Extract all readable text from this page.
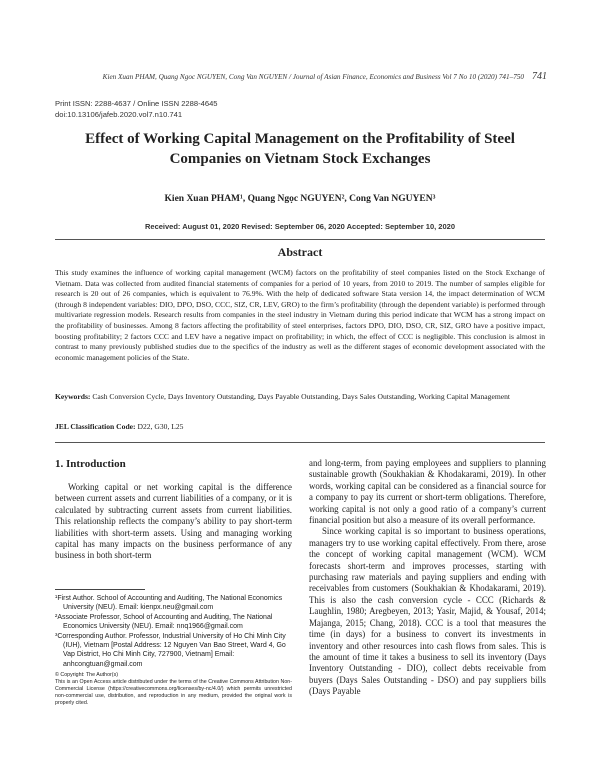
Kien Xuan PHAM, Quang Ngoc NGUYEN, Cong Van NGUYEN / Journal of Asian Finance, Economics and Business Vol 7 No 10 (2020) 741–750 741
Print ISSN: 2288-4637 / Online ISSN 2288-4645
doi:10.13106/jafeb.2020.vol7.n10.741
Effect of Working Capital Management on the Profitability of Steel
Companies on Vietnam Stock Exchanges
Kien Xuan PHAM¹, Quang Ngọc NGUYEN², Cong Van NGUYEN³
Received: August 01, 2020 Revised: September 06, 2020 Accepted: September 10, 2020
Abstract
This study examines the influence of working capital management (WCM) factors on the profitability of steel companies listed on the Stock Exchange of Vietnam. Data was collected from audited financial statements of companies for a period of 10 years, from 2010 to 2019. The number of samples eligible for research is 20 out of 26 companies, which is equivalent to 76.9%. With the help of dedicated software Stata version 14, the impact determination of WCM (through 8 independent variables: DIO, DPO, DSO, CCC, SIZ, CR, LEV, GRO) to the firm’s profitability (through the dependent variable) is performed through multivariate regression models. Research results from companies in the steel industry in Vietnam during this period indicate that WCM has a strong impact on the profitability of businesses. Among 8 factors affecting the profitability of steel enterprises, factors DPO, DIO, DSO, CR, SIZ, GRO have a positive impact, boosting profitability; 2 factors CCC and LEV have a negative impact on profitability; in which, the effect of CCC is negligible. This conclusion is almost in contrast to many previously published studies due to the specifics of the industry as well as the different stages of economic development associated with the economic management policies of the State.
Keywords: Cash Conversion Cycle, Days Inventory Outstanding, Days Payable Outstanding, Days Sales Outstanding, Working Capital Management
JEL Classification Code: D22, G30, L25
1. Introduction

Working capital or net working capital is the difference between current assets and current liabilities of a company, or it is calculated by subtracting current assets from current liabilities. This relationship reflects the company’s ability to pay short-term liabilities with short-term assets. Using and managing working capital has many impacts on the business performance of any business in both short-term

and long-term, from paying employees and suppliers to planning sustainable growth (Soukhakian & Khodakarami, 2019). In other words, working capital can be considered as a financial source for a company to pay its current or short-term obligations. Therefore, working capital is not only a good ratio of a company’s current financial position but also a measure of its overall performance.

Since working capital is so important to business operations, managers try to use working capital effectively. From there, arose the concept of working capital management (WCM). WCM forecasts short-term and improves processes, starting with purchasing raw materials and paying suppliers and ending with receivables from customers (Soukhakian & Khodakarami, 2019). This is also the cash conversion cycle - CCC (Richards & Laughlin, 1980; Aregbeyen, 2013; Yasir, Majid, & Yousaf, 2014; Majanga, 2015; Chang, 2018). CCC is a tool that measures the time (in days) for a business to convert its investments in inventory and other resources into cash flows from sales. This is the amount of time it takes a business to sell its inventory (Days Inventory Outstanding - DIO), collect debts receivable from buyers (Days Sales Outstanding - DSO) and pay suppliers bills (Days Payable

¹First Author. School of Accounting and Auditing, The National Economics University (NEU). Email: kienpx.neu@gmail.com

²Associate Professor, School of Accounting and Auditing, The National Economics University (NEU). Email: nnq1966@gmail.com

³Corresponding Author. Professor, Industrial University of Ho Chi Minh City (IUH), Vietnam [Postal Address: 12 Nguyen Van Bao Street, Ward 4, Go Vap District, Ho Chi Minh City, 727900, Vietnam] Email: anhcongtuan@gmail.com

© Copyright: The Author(s)
This is an Open Access article distributed under the terms of the Creative Commons Attribution Non-Commercial License (https://creativecommons.org/licenses/by-nc/4.0/) which permits unrestricted non-commercial use, distribution, and reproduction in any medium, provided the original work is properly cited.
